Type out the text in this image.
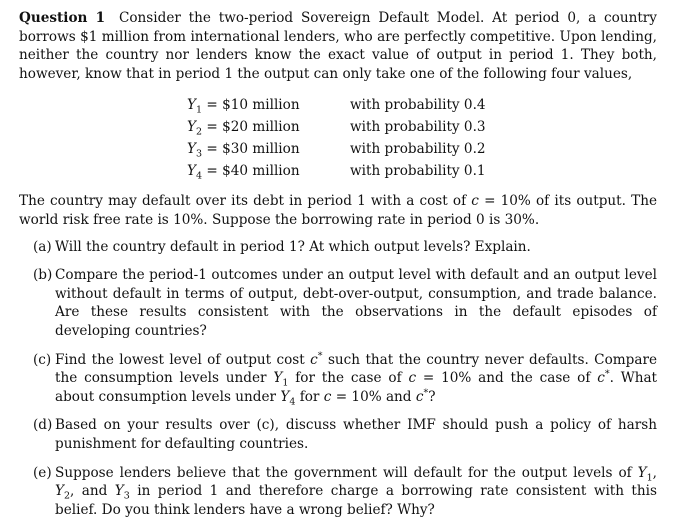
Question 1 Consider the two-period Sovereign Default Model. At period 0, a country borrows $1 million from international lenders, who are perfectly competitive. Upon lending, neither the country nor lenders know the exact value of output in period 1. They both, however, know that in period 1 the output can only take one of the following four values,

$Y_1$ = $10 million	with probability 0.4
$Y_2$ = $20 million	with probability 0.3
$Y_3$ = $30 million	with probability 0.2
$Y_4$ = $40 million	with probability 0.1

The country may default over its debt in period 1 with a cost of c = 10% of its output. The world risk free rate is 10%. Suppose the borrowing rate in period 0 is 30%.

(a) Will the country default in period 1? At which output levels? Explain.
(b) Compare the period-1 outcomes under an output level with default and an output level without default in terms of output, debt-over-output, consumption, and trade balance. Are these results consistent with the observations in the default episodes of developing countries?
(c) Find the lowest level of output cost c* such that the country never defaults. Compare the consumption levels under $Y_1$ for the case of c = 10% and the case of c*. What about consumption levels under $Y_4$ for c = 10% and c*?
(d) Based on your results over (c), discuss whether IMF should push a policy of harsh punishment for defaulting countries.
(e) Suppose lenders believe that the government will default for the output levels of $Y_1$, $Y_2$, and $Y_3$ in period 1 and therefore charge a borrowing rate consistent with this belief. Do you think lenders have a wrong belief? Why?
